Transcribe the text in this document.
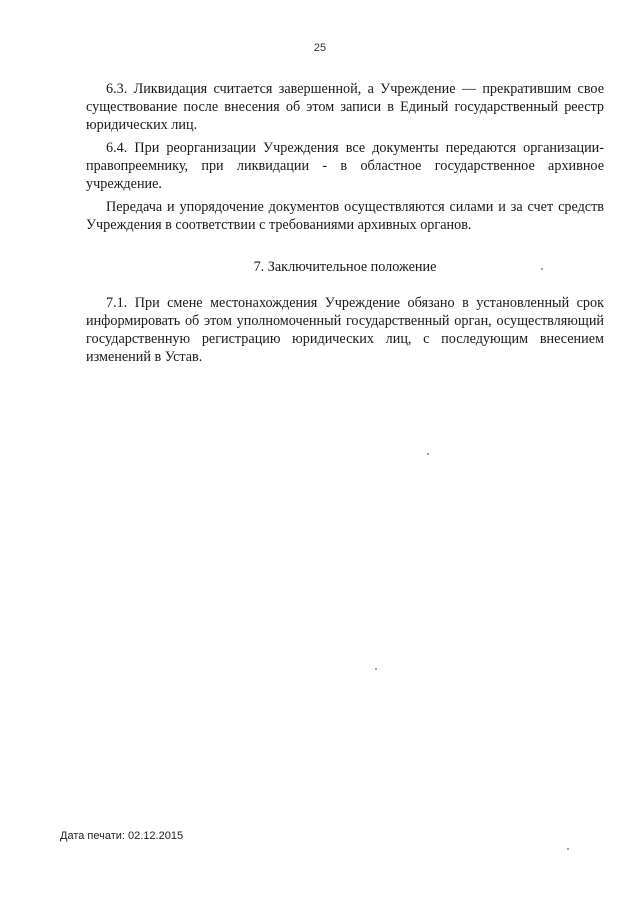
25

6.3. Ликвидация считается завершенной, а Учреждение — прекратившим свое существование после внесения об этом записи в Единый государственный реестр юридических лиц.

6.4. При реорганизации Учреждения все документы передаются организации-правопреемнику, при ликвидации - в областное государственное архивное учреждение.

Передача и упорядочение документов осуществляются силами и за счет средств Учреждения в соответствии с требованиями архивных органов.

7. Заключительное положение

7.1. При смене местонахождения Учреждение обязано в установленный срок информировать об этом уполномоченный государственный орган, осуществляющий государственную регистрацию юридических лиц, с последующим внесением изменений в Устав.

Дата печати: 02.12.2015
